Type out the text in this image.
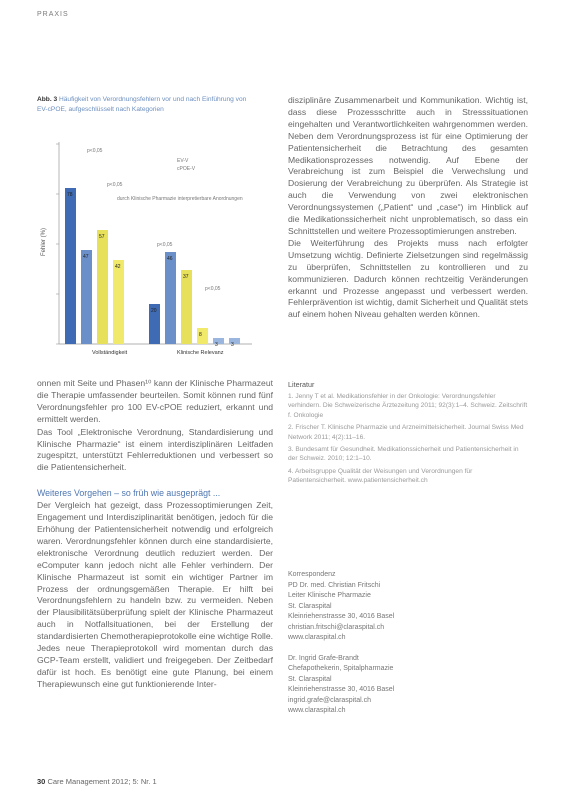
PRAXIS
Abb. 3 Häufigkeit von Verordnungsfehlern vor und nach Einführung von EV-cPOE, aufgeschlüsselt nach Kategorien
Fehler (%)
78
47
57
42
20
46
37
8
3	3
Vollständigkeit	Klinische Relevanz
p<0,05
p<0,05
p<0,05
p<0,05
EV-V
cPOE-V
durch Klinische Pharmazie interpretierbare Anordnungen

onnen mit Seite und Phasen¹⁰ kann der Klinische Pharmazeut die Therapie umfassender beurteilen. Somit können rund fünf Verordnungsfehler pro 100 EV-cPOE reduziert, erkannt und ermittelt werden.

Das Tool „Elektronische Verordnung, Standardisierung und Klinische Pharmazie“ ist einem interdisziplinären Leitfaden zugespitzt, unterstützt Fehlerreduktionen und verbessert so die Patientensicherheit.

Weiteres Vorgehen – so früh wie ausgeprägt ...

Der Vergleich hat gezeigt, dass Prozessoptimierungen Zeit, Engagement und Interdisziplinarität benötigen, jedoch für die Erhöhung der Patientensicherheit notwendig und erfolgreich waren. Verordnungsfehler können durch eine standardisierte, elektronische Verordnung deutlich reduziert werden. Der eComputer kann jedoch nicht alle Fehler verhindern. Der Klinische Pharmazeut ist somit ein wichtiger Partner im Prozess der ordnungsgemäßen Therapie. Er hilft bei Verordnungsfehlern zu handeln bzw. zu vermeiden. Neben der Plausibilitätsüberprüfung spielt der Klinische Pharmazeut auch in Notfallsituationen, bei der Erstellung der standardisierten Chemotherapieprotokolle eine wichtige Rolle. Jedes neue Therapieprotokoll wird momentan durch das GCP-Team erstellt, validiert und freigegeben. Der Zeitbedarf dafür ist hoch. Es benötigt eine gute Planung, bei einem Therapiewunsch eine gut funktionierende Inter-

disziplinäre Zusammenarbeit und Kommunikation. Wichtig ist, dass diese Prozessschritte auch in Stresssituationen eingehalten und Verantwortlichkeiten wahrgenommen werden. Neben dem Verordnungsprozess ist für eine Optimierung der Patientensicherheit die Betrachtung des gesamten Medikationsprozesses notwendig. Auf Ebene der Verabreichung ist zum Beispiel die Verwechslung und Dosierung der Verabreichung zu überprüfen. Als Strategie ist auch die Verwendung von zwei elektronischen Verordnungssystemen („Patient“ und „case“) im Hinblick auf die Medikationssicherheit nicht unproblematisch, so dass ein Schnittstellen und weitere Prozessoptimierungen anstreben.

Die Weiterführung des Projekts muss nach erfolgter Umsetzung wichtig. Definierte Zielsetzungen sind regelmässig zu überprüfen, Schnittstellen zu kontrollieren und zu kommunizieren. Dadurch können rechtzeitig Veränderungen erkannt und Prozesse angepasst und verbessert werden. Fehlerprävention ist wichtig, damit Sicherheit und Qualität stets auf einem hohen Niveau gehalten werden können.

Literatur
1. Jenny T et al. Medikationsfehler in der Onkologie: Verordnungsfehler verhindern. Die Schweizerische Ärztezeitung 2011; 92(3):1–4. Schweiz. Zeitschrift f. Onkologie
2. Frischer T. Klinische Pharmazie und Arzneimittelsicherheit. Journal Swiss Med Network 2011; 4(2):11–16.
3. Bundesamt für Gesundheit. Medikationssicherheit und Patientensicherheit in der Schweiz. 2010; 12:1–10.
4. Arbeitsgruppe Qualität der Weisungen und Verordnungen für Patientensicherheit. www.patientensicherheit.ch

Korrespondenz

PD Dr. med. Christian Fritschi

Leiter Klinische Pharmazie

St. Claraspital

Kleinriehenstrasse 30, 4016 Basel

christian.fritschi@claraspital.ch

www.claraspital.ch

Dr. Ingrid Grafe-Brandt

Chefapothekerin, Spitalpharmazie

St. Claraspital

Kleinriehenstrasse 30, 4016 Basel

ingrid.grafe@claraspital.ch

www.claraspital.ch

30 Care Management 2012; 5: Nr. 1
